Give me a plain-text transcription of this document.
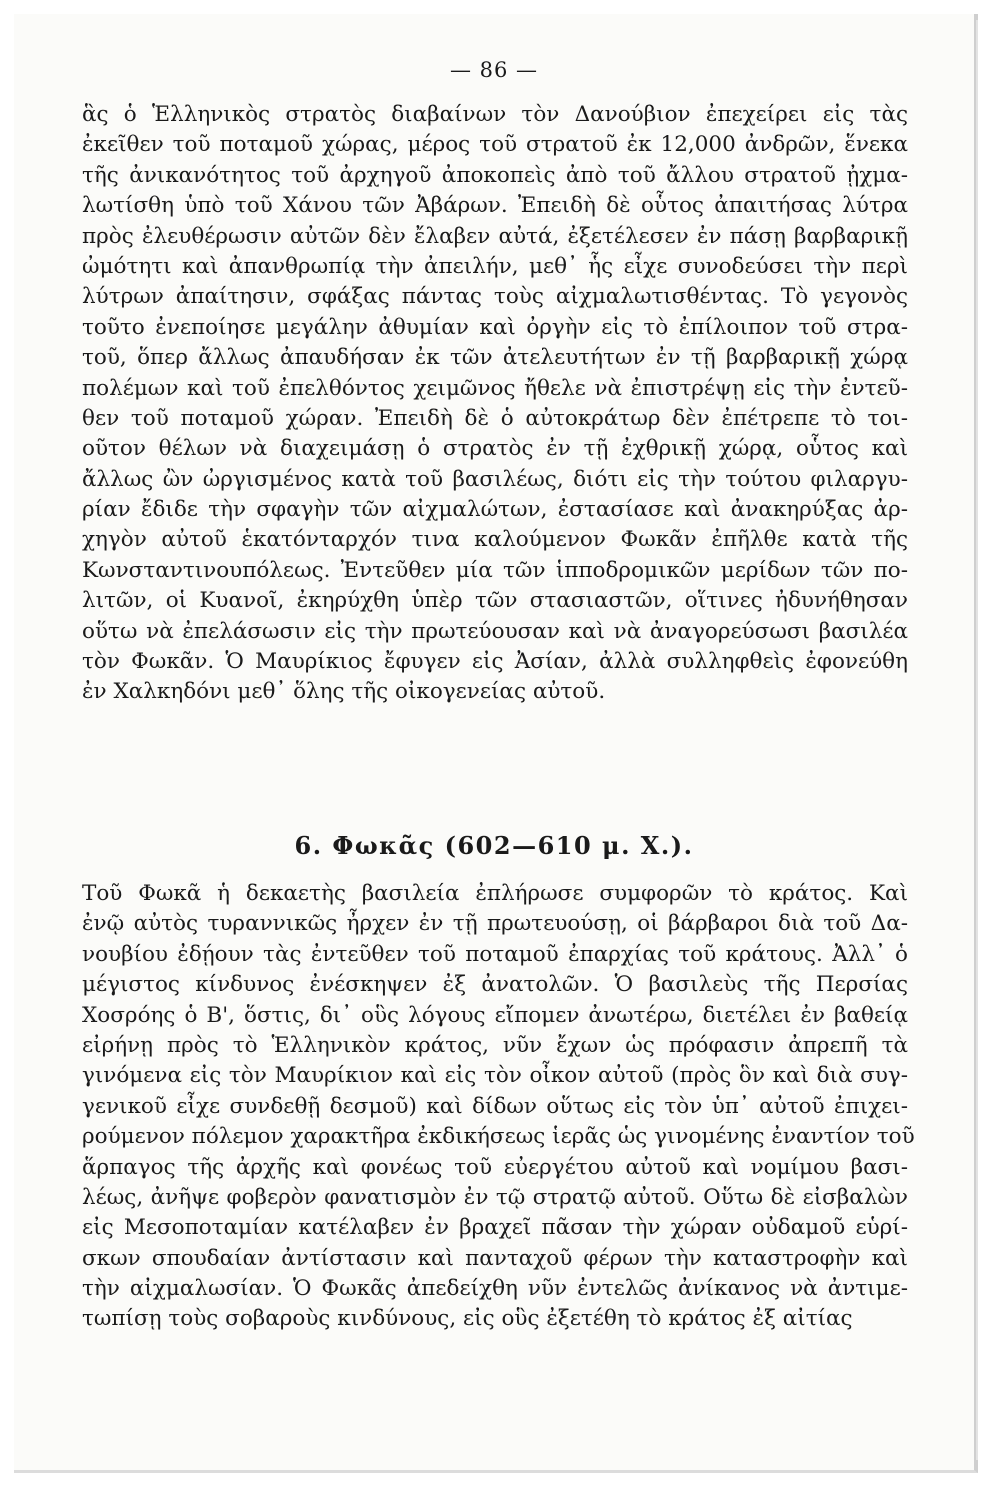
— 86 —
ἃς ὁ Ἑλληνικὸς στρατὸς διαβαίνων τὸν Δανούβιον ἐπεχείρει εἰς τὰς
ἐκεῖθεν τοῦ ποταμοῦ χώρας, μέρος τοῦ στρατοῦ ἐκ 12,000 ἀνδρῶν, ἕνεκα
τῆς ἀνικανότητος τοῦ ἀρχηγοῦ ἀποκοπεὶς ἀπὸ τοῦ ἄλλου στρατοῦ ᾐχμα-
λωτίσθη ὑπὸ τοῦ Χάνου τῶν Ἀβάρων. Ἐπειδὴ δὲ οὗτος ἀπαιτήσας λύτρα
πρὸς ἐλευθέρωσιν αὐτῶν δὲν ἔλαβεν αὐτά, ἐξετέλεσεν ἐν πάσῃ βαρβαρικῇ
ὠμότητι καὶ ἀπανθρωπίᾳ τὴν ἀπειλήν, μεθ᾽ ἧς εἶχε συνοδεύσει τὴν περὶ
λύτρων ἀπαίτησιν, σφάξας πάντας τοὺς αἰχμαλωτισθέντας. Τὸ γεγονὸς
τοῦτο ἐνεποίησε μεγάλην ἀθυμίαν καὶ ὀργὴν εἰς τὸ ἐπίλοιπον τοῦ στρα-
τοῦ, ὅπερ ἄλλως ἀπαυδήσαν ἐκ τῶν ἀτελευτήτων ἐν τῇ βαρβαρικῇ χώρᾳ
πολέμων καὶ τοῦ ἐπελθόντος χειμῶνος ἤθελε νὰ ἐπιστρέψῃ εἰς τὴν ἐντεῦ-
θεν τοῦ ποταμοῦ χώραν. Ἐπειδὴ δὲ ὁ αὐτοκράτωρ δὲν ἐπέτρεπε τὸ τοι-
οῦτον θέλων νὰ διαχειμάσῃ ὁ στρατὸς ἐν τῇ ἐχθρικῇ χώρᾳ, οὗτος καὶ
ἄλλως ὢν ὠργισμένος κατὰ τοῦ βασιλέως, διότι εἰς τὴν τούτου φιλαργυ-
ρίαν ἔδιδε τὴν σφαγὴν τῶν αἰχμαλώτων, ἐστασίασε καὶ ἀνακηρύξας ἀρ-
χηγὸν αὐτοῦ ἑκατόνταρχόν τινα καλούμενον Φωκᾶν ἐπῆλθε κατὰ τῆς
Κωνσταντινουπόλεως. Ἐντεῦθεν μία τῶν ἱπποδρομικῶν μερίδων τῶν πο-
λιτῶν, οἱ Κυανοῖ, ἐκηρύχθη ὑπὲρ τῶν στασιαστῶν, οἵτινες ἠδυνήθησαν
οὕτω νὰ ἐπελάσωσιν εἰς τὴν πρωτεύουσαν καὶ νὰ ἀναγορεύσωσι βασιλέα
τὸν Φωκᾶν. Ὁ Μαυρίκιος ἔφυγεν εἰς Ἀσίαν, ἀλλὰ συλληφθεὶς ἐφονεύθη
ἐν Χαλκηδόνι μεθ᾽ ὅλης τῆς οἰκογενείας αὐτοῦ.
6. Φωκᾶς (602—610 μ. Χ.).
Τοῦ Φωκᾶ ἡ δεκαετὴς βασιλεία ἐπλήρωσε συμφορῶν τὸ κράτος. Καὶ
ἐνῷ αὐτὸς τυραννικῶς ἦρχεν ἐν τῇ πρωτευούσῃ, οἱ βάρβαροι διὰ τοῦ Δα-
νουβίου ἐδῄουν τὰς ἐντεῦθεν τοῦ ποταμοῦ ἐπαρχίας τοῦ κράτους. Ἀλλ᾽ ὁ
μέγιστος κίνδυνος ἐνέσκηψεν ἐξ ἀνατολῶν. Ὁ βασιλεὺς τῆς Περσίας
Χοσρόης ὁ Β', ὅστις, δι᾽ οὓς λόγους εἴπομεν ἀνωτέρω, διετέλει ἐν βαθείᾳ
εἰρήνῃ πρὸς τὸ Ἑλληνικὸν κράτος, νῦν ἔχων ὡς πρόφασιν ἀπρεπῆ τὰ
γινόμενα εἰς τὸν Μαυρίκιον καὶ εἰς τὸν οἶκον αὐτοῦ (πρὸς ὃν καὶ διὰ συγ-
γενικοῦ εἶχε συνδεθῇ δεσμοῦ) καὶ δίδων οὕτως εἰς τὸν ὑπ᾽ αὐτοῦ ἐπιχει-
ρούμενον πόλεμον χαρακτῆρα ἐκδικήσεως ἱερᾶς ὡς γινομένης ἐναντίον τοῦ
ἅρπαγος τῆς ἀρχῆς καὶ φονέως τοῦ εὐεργέτου αὐτοῦ καὶ νομίμου βασι-
λέως, ἀνῆψε φοβερὸν φανατισμὸν ἐν τῷ στρατῷ αὐτοῦ. Οὕτω δὲ εἰσβαλὼν
εἰς Μεσοποταμίαν κατέλαβεν ἐν βραχεῖ πᾶσαν τὴν χώραν οὐδαμοῦ εὑρί-
σκων σπουδαίαν ἀντίστασιν καὶ πανταχοῦ φέρων τὴν καταστροφὴν καὶ
τὴν αἰχμαλωσίαν. Ὁ Φωκᾶς ἀπεδείχθη νῦν ἐντελῶς ἀνίκανος νὰ ἀντιμε-
τωπίσῃ τοὺς σοβαροὺς κινδύνους, εἰς οὓς ἐξετέθη τὸ κράτος ἐξ αἰτίας
